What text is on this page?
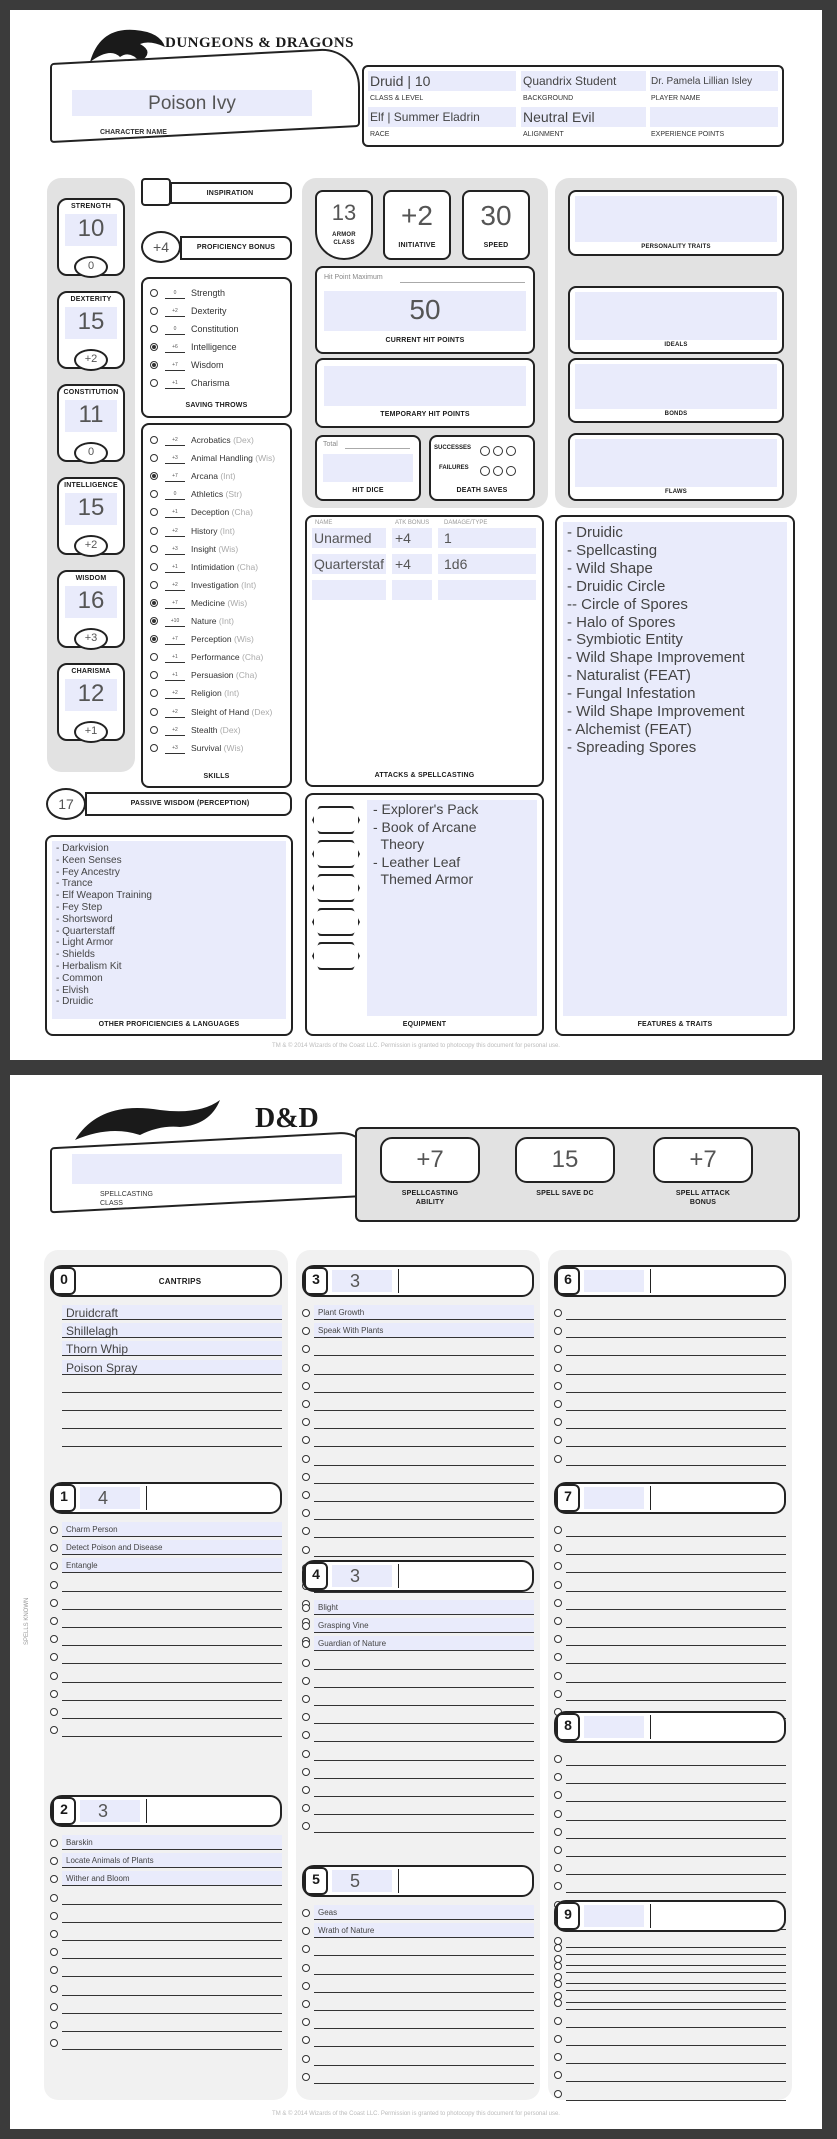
DUNGEONS & DRAGONS
Poison Ivy
CHARACTER NAME
Druid | 10
CLASS & LEVEL
Quandrix Student
BACKGROUND
Dr. Pamela Lillian Isley
PLAYER NAME
Elf | Summer Eladrin
RACE
Neutral Evil
ALIGNMENT	EXPERIENCE POINTS
STRENGTH
10
0
DEXTERITY
15
+2
CONSTITUTION
11
0
INTELLIGENCE
15
+2
WISDOM
16
+3
CHARISMA
12
+1
INSPIRATION
+4	PROFICIENCY BONUS
0	Strength
+2	Dexterity
0	Constitution
+6	Intelligence
+7	Wisdom
+1	Charisma
SAVING THROWS
+2	Acrobatics (Dex)
+3	Animal Handling (Wis)
+7	Arcana (Int)
0	Athletics (Str)
+1	Deception (Cha)
+2	History (Int)
+3	Insight (Wis)
+1	Intimidation (Cha)
+2	Investigation (Int)
+7	Medicine (Wis)
+10	Nature (Int)
+7	Perception (Wis)
+1	Performance (Cha)
+1	Persuasion (Cha)
+2	Religion (Int)
+2	Sleight of Hand (Dex)
+2	Stealth (Dex)
+3	Survival (Wis)
SKILLS
13
ARMOR CLASS
+2
INITIATIVE
30
SPEED
Hit Point Maximum
50
CURRENT HIT POINTS
TEMPORARY HIT POINTS
Total
HIT DICE
SUCCESSES
FAILURES
DEATH SAVES
PERSONALITY TRAITS
IDEALS
BONDS
FLAWS
NAME	ATK BONUS DAMAGE/TYPE
Unarmed	+4 1
Quarterstaf +4 1d6
ATTACKS & SPELLCASTING
- Druidic
- Spellcasting
- Wild Shape
- Druidic Circle
-- Circle of Spores
- Halo of Spores
- Symbiotic Entity
- Wild Shape Improvement
- Naturalist (FEAT)
- Fungal Infestation
- Wild Shape Improvement
- Alchemist (FEAT)
- Spreading Spores
FEATURES & TRAITS
17	PASSIVE WISDOM (PERCEPTION)
- Darkvision
- Keen Senses
- Fey Ancestry
- Trance
- Elf Weapon Training
- Fey Step
- Shortsword
- Quarterstaff
- Light Armor
- Shields
- Herbalism Kit
- Common
- Elvish
- Druidic
OTHER PROFICIENCIES & LANGUAGES
- Explorer's Pack
- Book of Arcane
Theory
- Leather Leaf
Themed Armor
EQUIPMENT
TM & © 2014 Wizards of the Coast LLC. Permission is granted to photocopy this document for personal use.
D&D
SPELLCASTING CLASS
+7
SPELLCASTING ABILITY
15
SPELL SAVE DC
+7
SPELL ATTACK BONUS
SPELLS KNOWN
0	CANTRIPS
Druidcraft
Shillelagh
Thorn Whip
Poison Spray
1	4
Charm Person
Detect Poison and Disease
Entangle
2	3
Barskin
Locate Animals of Plants
Wither and Bloom
3	3
Plant Growth
Speak With Plants
4	3
Blight
Grasping Vine
Guardian of Nature
5	5
Geas
Wrath of Nature
6
7
8
9
TM & © 2014 Wizards of the Coast LLC. Permission is granted to photocopy this document for personal use.
